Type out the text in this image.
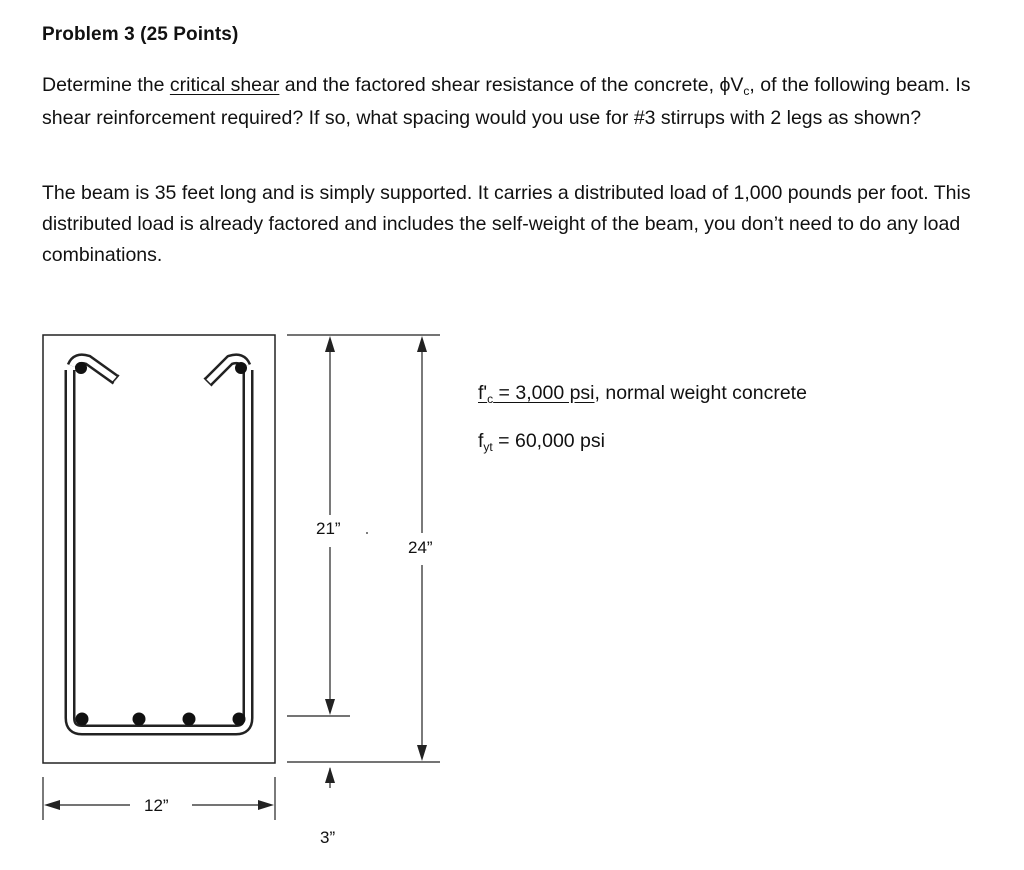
Problem 3 (25 Points)
Determine the critical shear and the factored shear resistance of the concrete, $\phi V_c$, of the following beam. Is shear reinforcement required? If so, what spacing would you use for #3 stirrups with 2 legs as shown?
The beam is 35 feet long and is simply supported. It carries a distributed load of 1,000 pounds per foot. This distributed load is already factored and includes the self-weight of the beam, you don’t need to do any load combinations.
21”
24”
12”
3”
$f'_c = 3,000$ psi, normal weight concrete
$f_{yt} = 60,000$ psi
